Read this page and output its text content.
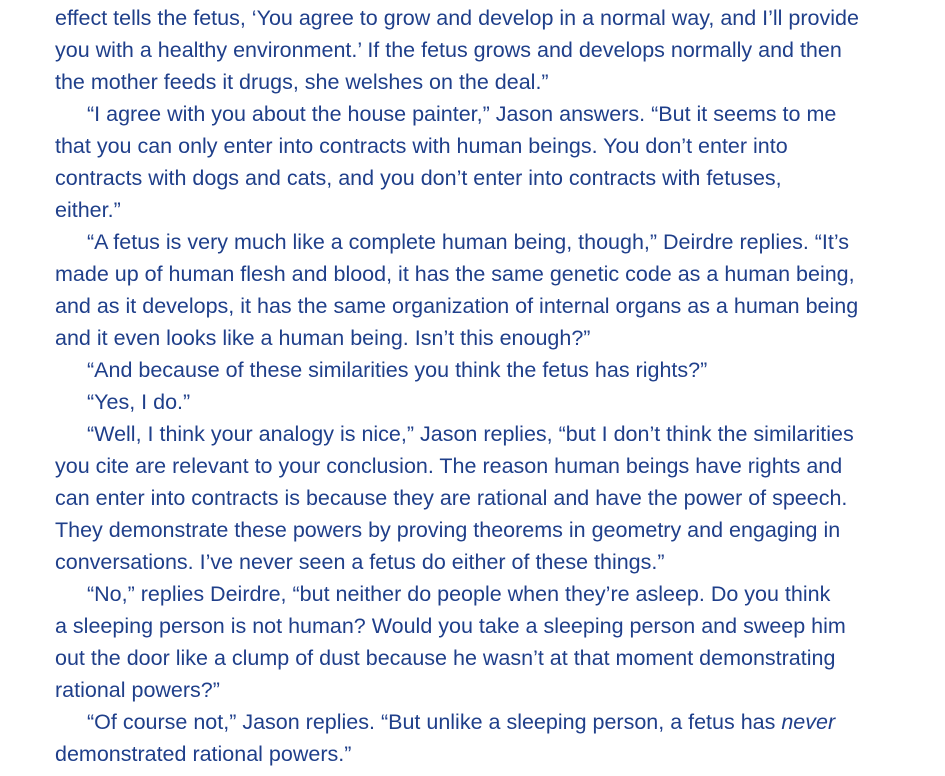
effect tells the fetus, ‘You agree to grow and develop in a normal way, and I’ll provide
you with a healthy environment.’ If the fetus grows and develops normally and then
the mother feeds it drugs, she welshes on the deal.”
“I agree with you about the house painter,” Jason answers. “But it seems to me
that you can only enter into contracts with human beings. You don’t enter into
contracts with dogs and cats, and you don’t enter into contracts with fetuses,
either.”
“A fetus is very much like a complete human being, though,” Deirdre replies. “It’s
made up of human flesh and blood, it has the same genetic code as a human being,
and as it develops, it has the same organization of internal organs as a human being
and it even looks like a human being. Isn’t this enough?”
“And because of these similarities you think the fetus has rights?”
“Yes, I do.”
“Well, I think your analogy is nice,” Jason replies, “but I don’t think the similarities
you cite are relevant to your conclusion. The reason human beings have rights and
can enter into contracts is because they are rational and have the power of speech.
They demonstrate these powers by proving theorems in geometry and engaging in
conversations. I’ve never seen a fetus do either of these things.”
“No,” replies Deirdre, “but neither do people when they’re asleep. Do you think
a sleeping person is not human? Would you take a sleeping person and sweep him
out the door like a clump of dust because he wasn’t at that moment demonstrating
rational powers?”
“Of course not,” Jason replies. “But unlike a sleeping person, a fetus has never
demonstrated rational powers.”
